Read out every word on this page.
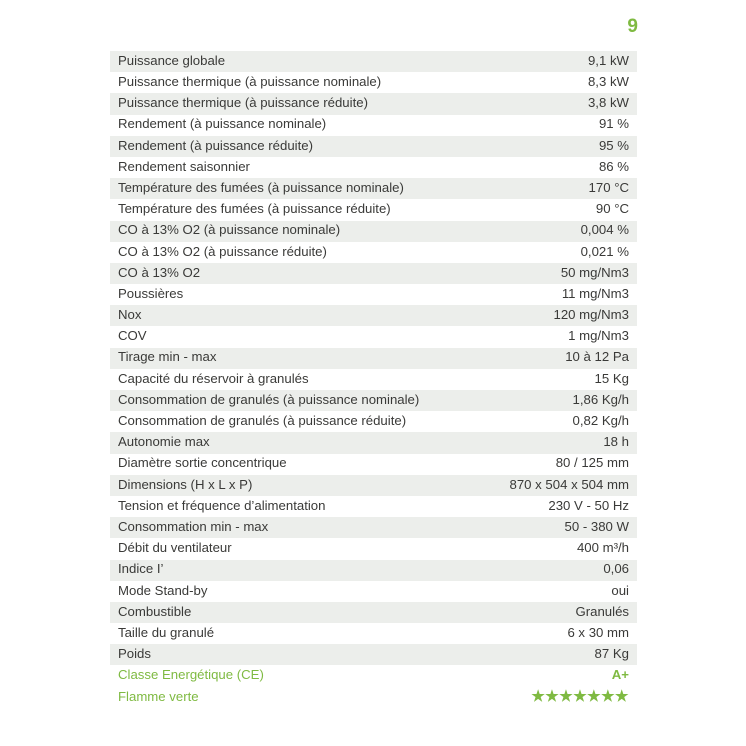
9
Puissance globale	9,1 kW
Puissance thermique (à puissance nominale)	8,3 kW
Puissance thermique (à puissance réduite)	3,8 kW
Rendement (à puissance nominale)	91 %
Rendement (à puissance réduite)	95 %
Rendement saisonnier	86 %
Température des fumées (à puissance nominale)	170 °C
Température des fumées (à puissance réduite)	90 °C
CO à 13% O2 (à puissance nominale)	0,004 %
CO à 13% O2 (à puissance réduite)	0,021 %
CO à 13% O2	50 mg/Nm3
Poussières	11 mg/Nm3
Nox	120 mg/Nm3
COV	1 mg/Nm3
Tirage min - max	10 à 12 Pa
Capacité du réservoir à granulés	15 Kg
Consommation de granulés (à puissance nominale)	1,86 Kg/h
Consommation de granulés (à puissance réduite)	0,82 Kg/h
Autonomie max	18 h
Diamètre sortie concentrique	80 / 125 mm
Dimensions (H x L x P)	870 x 504 x 504 mm
Tension et fréquence d’alimentation	230 V - 50 Hz
Consommation min - max	50 - 380 W
Débit du ventilateur	400 m³/h
Indice I’	0,06
Mode Stand-by	oui
Combustible	Granulés
Taille du granulé	6 x 30 mm
Poids	87 Kg
Classe Energétique (CE)	A+
Flamme verte	★★★★★★★
